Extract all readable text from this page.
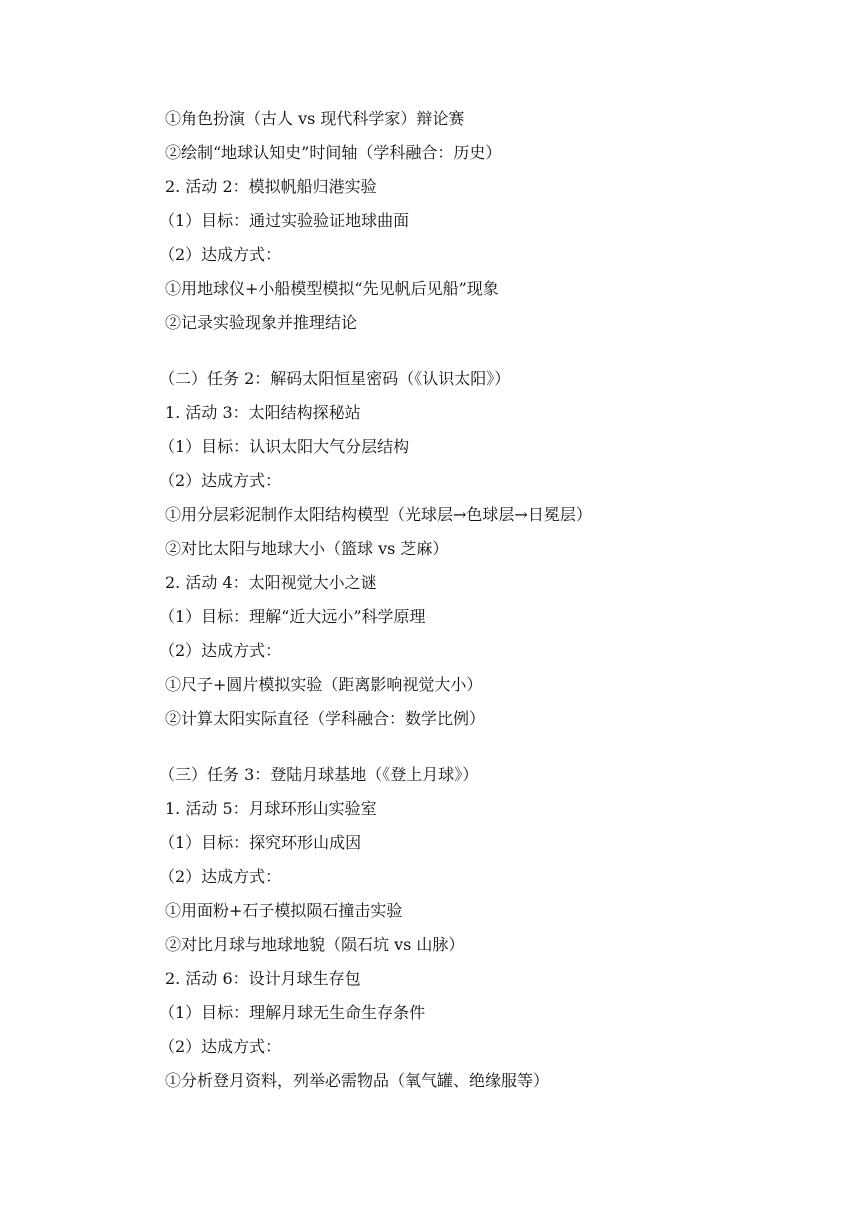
①角色扮演（古人 vs 现代科学家）辩论赛
②绘制“地球认知史”时间轴（学科融合：历史）
2. 活动 2：模拟帆船归港实验
（1）目标：通过实验验证地球曲面
（2）达成方式：
①用地球仪+小船模型模拟“先见帆后见船”现象
②记录实验现象并推理结论
（二）任务 2：解码太阳恒星密码（《认识太阳》）
1. 活动 3：太阳结构探秘站
（1）目标：认识太阳大气分层结构
（2）达成方式：
①用分层彩泥制作太阳结构模型（光球层→色球层→日冕层）
②对比太阳与地球大小（篮球 vs 芝麻）
2. 活动 4：太阳视觉大小之谜
（1）目标：理解“近大远小”科学原理
（2）达成方式：
①尺子+圆片模拟实验（距离影响视觉大小）
②计算太阳实际直径（学科融合：数学比例）
（三）任务 3：登陆月球基地（《登上月球》）
1. 活动 5：月球环形山实验室
（1）目标：探究环形山成因
（2）达成方式：
①用面粉+石子模拟陨石撞击实验
②对比月球与地球地貌（陨石坑 vs 山脉）
2. 活动 6：设计月球生存包
（1）目标：理解月球无生命生存条件
（2）达成方式：
①分析登月资料，列举必需物品（氧气罐、绝缘服等）
